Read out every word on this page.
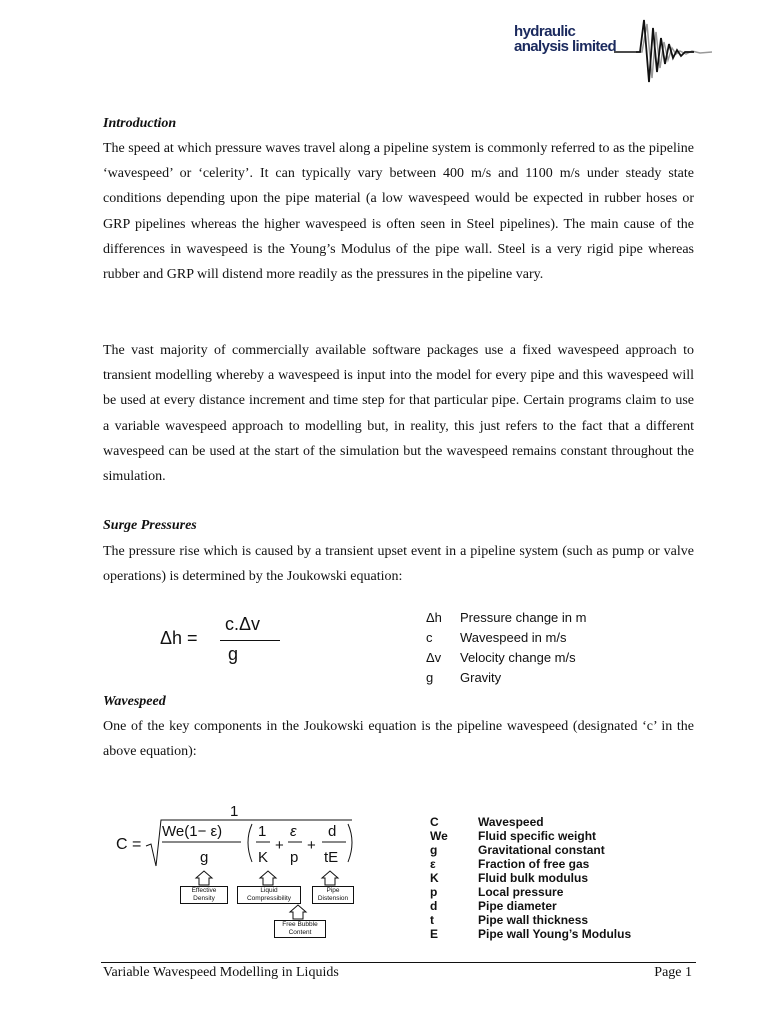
hydraulic
analysis limited
Introduction

The speed at which pressure waves travel along a pipeline system is commonly referred to as the pipeline ‘wavespeed’ or ‘celerity’. It can typically vary between 400 m/s and 1100 m/s under steady state conditions depending upon the pipe material (a low wavespeed would be expected in rubber hoses or GRP pipelines whereas the higher wavespeed is often seen in Steel pipelines). The main cause of the differences in wavespeed is the Young’s Modulus of the pipe wall. Steel is a very rigid pipe whereas rubber and GRP will distend more readily as the pressures in the pipeline vary.

The vast majority of commercially available software packages use a fixed wavespeed approach to transient modelling whereby a wavespeed is input into the model for every pipe and this wavespeed will be used at every distance increment and time step for that particular pipe. Certain programs claim to use a variable wavespeed approach to modelling but, in reality, this just refers to the fact that a different wavespeed can be used at the start of the simulation but the wavespeed remains constant throughout the simulation.

Surge Pressures

The pressure rise which is caused by a transient upset event in a pipeline system (such as pump or valve operations) is determined by the Joukowski equation:

Δh =
c.Δv
g
Δh	Pressure change in m
c	Wavespeed in m/s
Δv	Velocity change m/s
g	Gravity
Wavespeed

One of the key components in the Joukowski equation is the pipeline wavespeed (designated ‘c’ in the above equation):

C =
1
We(1− ε)
g
1
K
+
ε
p
+
d
tE
Effective Density
Liquid Compressibility
Pipe Distension
Free Bubble Content
C	Wavespeed
We	Fluid specific weight
g	Gravitational constant
ε	Fraction of free gas
K	Fluid bulk modulus
p	Local pressure
d	Pipe diameter
t	Pipe wall thickness
E	Pipe wall Young’s Modulus
Variable Wavespeed Modelling in Liquids	Page 1
